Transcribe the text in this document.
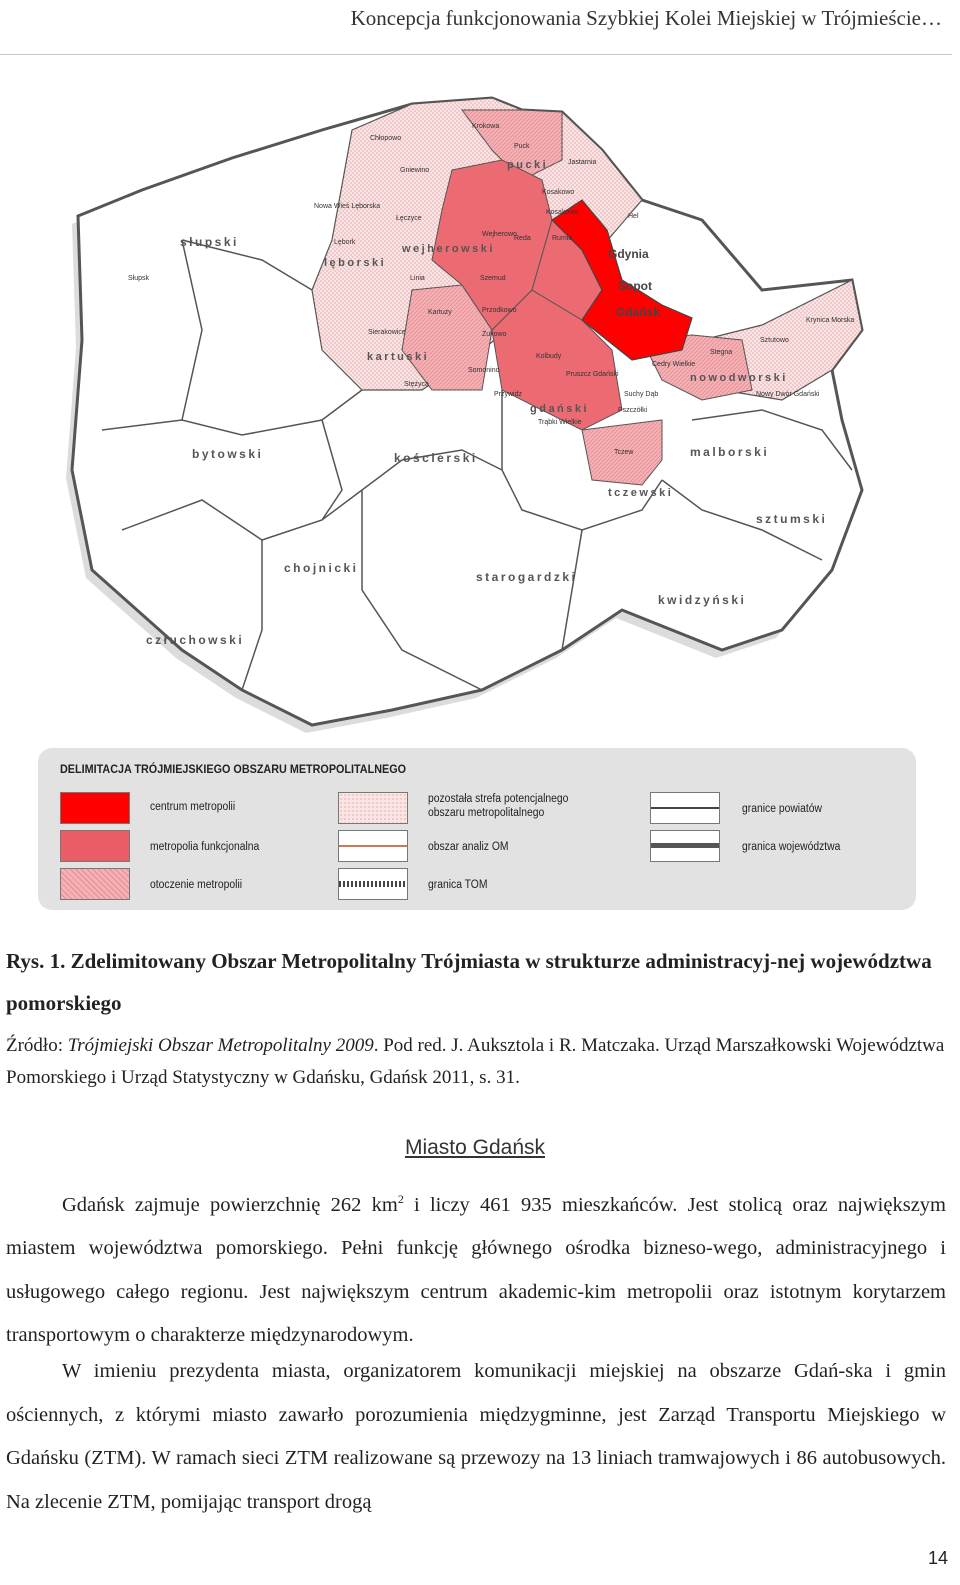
Koncepcja funkcjonowania Szybkiej Kolei Miejskiej w Trójmieście…
słupski
lęborski
wejherowski
pucki
kartuski
bytowski	kościerski
gdański
nowodworski
malborski
tczewski
sztumski
chojnicki
starogardzki
kwidzyński
człuchowski
Gdynia
Sopot
Gdańsk
Chłopowo
Krokowa
Puck
Jastarnia
Hel
Gniewino
Nowa Wieś Lęborska
Łęczyce
Lębork
Słupsk	Linia	Szemud
Kosakowo
Sierakowice
Kartuzy	Przodkowo
Żukowo
Stężyca
Somonino
Przywidz
Kolbudy
Pruszcz Gdański
Cedry Wielkie
Stegna
Sztutowo
Krynica Morska
Nowy Dwór Gdański
Suchy Dąb
Trąbki Wielkie
Pszczółki
Tczew
Rumia
Reda
Wejherowo
Kosakowo
DELIMITACJA TRÓJMIEJSKIEGO OBSZARU METROPOLITALNEGO
centrum metropolii
metropolia funkcjonalna
otoczenie metropolii
pozostała strefa potencjalnego obszaru metropolitalnego
obszar analiz OM
granica TOM
granice powiatów
granica województwa
Rys. 1. Zdelimitowany Obszar Metropolitalny Trójmiasta w strukturze administracyj-nej województwa pomorskiego
Źródło: Trójmiejski Obszar Metropolitalny 2009. Pod red. J. Auksztola i R. Matczaka. Urząd Marszałkowski Województwa Pomorskiego i Urząd Statystyczny w Gdańsku, Gdańsk 2011, s. 31.
Miasto Gdańsk
Gdańsk zajmuje powierzchnię 262 $km^2$ i liczy 461 935 mieszkańców. Jest stolicą oraz największym miastem województwa pomorskiego. Pełni funkcję głównego ośrodka bizneso-wego, administracyjnego i usługowego całego regionu. Jest największym centrum akademic-kim metropolii oraz istotnym korytarzem transportowym o charakterze międzynarodowym.
W imieniu prezydenta miasta, organizatorem komunikacji miejskiej na obszarze Gdań-ska i gmin ościennych, z którymi miasto zawarło porozumienia międzygminne, jest Zarząd Transportu Miejskiego w Gdańsku (ZTM). W ramach sieci ZTM realizowane są przewozy na 13 liniach tramwajowych i 86 autobusowych. Na zlecenie ZTM, pomijając transport drogą
14
